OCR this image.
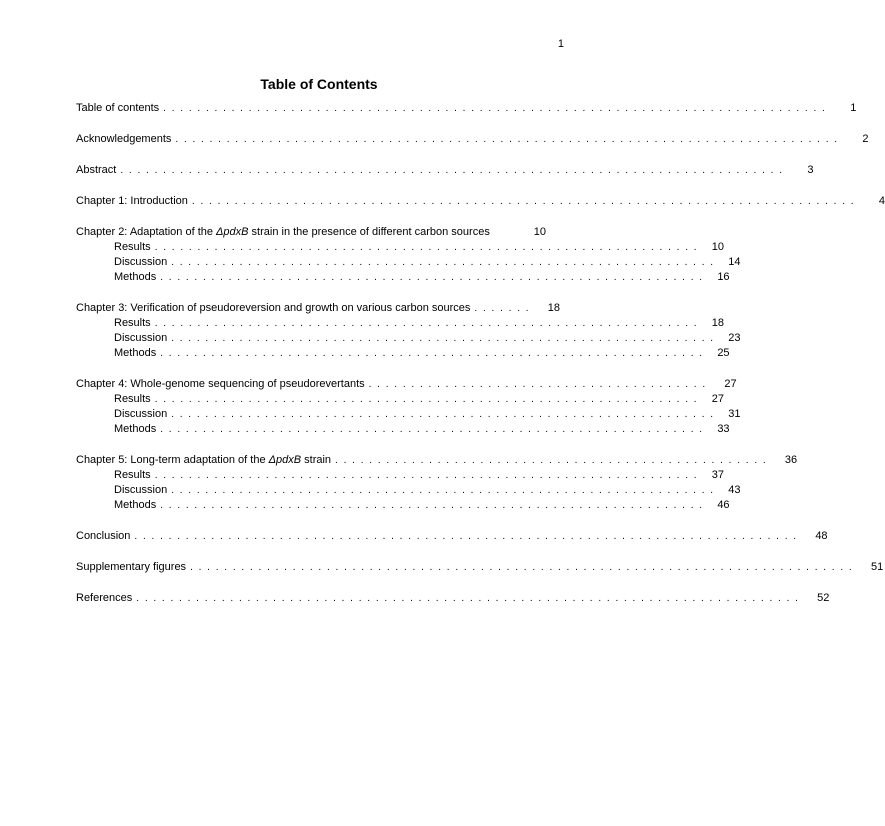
1
Table of Contents
Table of contents . . . . . . . . . . . . . . . . . . . . . . . . . . . . . . . . . . . . . . . . . . . . . . . . . . . . . . . . . . . . . . . . . . . . . . . . . . . . . .	1
Acknowledgements . . . . . . . . . . . . . . . . . . . . . . . . . . . . . . . . . . . . . . . . . . . . . . . . . . . . . . . . . . . . . . . . . . . . . . . . . . . . . .	2
Abstract . . . . . . . . . . . . . . . . . . . . . . . . . . . . . . . . . . . . . . . . . . . . . . . . . . . . . . . . . . . . . . . . . . . . . . . . . . . . . .	3
Chapter 1: Introduction . . . . . . . . . . . . . . . . . . . . . . . . . . . . . . . . . . . . . . . . . . . . . . . . . . . . . . . . . . . . . . . . . . . . . . . . . . . . . .	4
Chapter 2: Adaptation of the ΔpdxB strain in the presence of different carbon sources	10
Results . . . . . . . . . . . . . . . . . . . . . . . . . . . . . . . . . . . . . . . . . . . . . . . . . . . . . . . . . . . . . . . .	10
Discussion . . . . . . . . . . . . . . . . . . . . . . . . . . . . . . . . . . . . . . . . . . . . . . . . . . . . . . . . . . . . . . . .	14
Methods . . . . . . . . . . . . . . . . . . . . . . . . . . . . . . . . . . . . . . . . . . . . . . . . . . . . . . . . . . . . . . . .	16
Chapter 3: Verification of pseudoreversion and growth on various carbon sources . . . . . . .	18
Results . . . . . . . . . . . . . . . . . . . . . . . . . . . . . . . . . . . . . . . . . . . . . . . . . . . . . . . . . . . . . . . .	18
Discussion . . . . . . . . . . . . . . . . . . . . . . . . . . . . . . . . . . . . . . . . . . . . . . . . . . . . . . . . . . . . . . . .	23
Methods . . . . . . . . . . . . . . . . . . . . . . . . . . . . . . . . . . . . . . . . . . . . . . . . . . . . . . . . . . . . . . . .	25
Chapter 4: Whole-genome sequencing of pseudorevertants . . . . . . . . . . . . . . . . . . . . . . . . . . . . . . . . . . . . . . . .	27
Results . . . . . . . . . . . . . . . . . . . . . . . . . . . . . . . . . . . . . . . . . . . . . . . . . . . . . . . . . . . . . . . .	27
Discussion . . . . . . . . . . . . . . . . . . . . . . . . . . . . . . . . . . . . . . . . . . . . . . . . . . . . . . . . . . . . . . . .	31
Methods . . . . . . . . . . . . . . . . . . . . . . . . . . . . . . . . . . . . . . . . . . . . . . . . . . . . . . . . . . . . . . . .	33
Chapter 5: Long-term adaptation of the ΔpdxB strain . . . . . . . . . . . . . . . . . . . . . . . . . . . . . . . . . . . . . . . . . . . . . . . . . . .	36
Results . . . . . . . . . . . . . . . . . . . . . . . . . . . . . . . . . . . . . . . . . . . . . . . . . . . . . . . . . . . . . . . .	37
Discussion . . . . . . . . . . . . . . . . . . . . . . . . . . . . . . . . . . . . . . . . . . . . . . . . . . . . . . . . . . . . . . . .	43
Methods . . . . . . . . . . . . . . . . . . . . . . . . . . . . . . . . . . . . . . . . . . . . . . . . . . . . . . . . . . . . . . . .	46
Conclusion . . . . . . . . . . . . . . . . . . . . . . . . . . . . . . . . . . . . . . . . . . . . . . . . . . . . . . . . . . . . . . . . . . . . . . . . . . . . . .	48
Supplementary figures . . . . . . . . . . . . . . . . . . . . . . . . . . . . . . . . . . . . . . . . . . . . . . . . . . . . . . . . . . . . . . . . . . . . . . . . . . . . . .	51
References . . . . . . . . . . . . . . . . . . . . . . . . . . . . . . . . . . . . . . . . . . . . . . . . . . . . . . . . . . . . . . . . . . . . . . . . . . . . . .	52
